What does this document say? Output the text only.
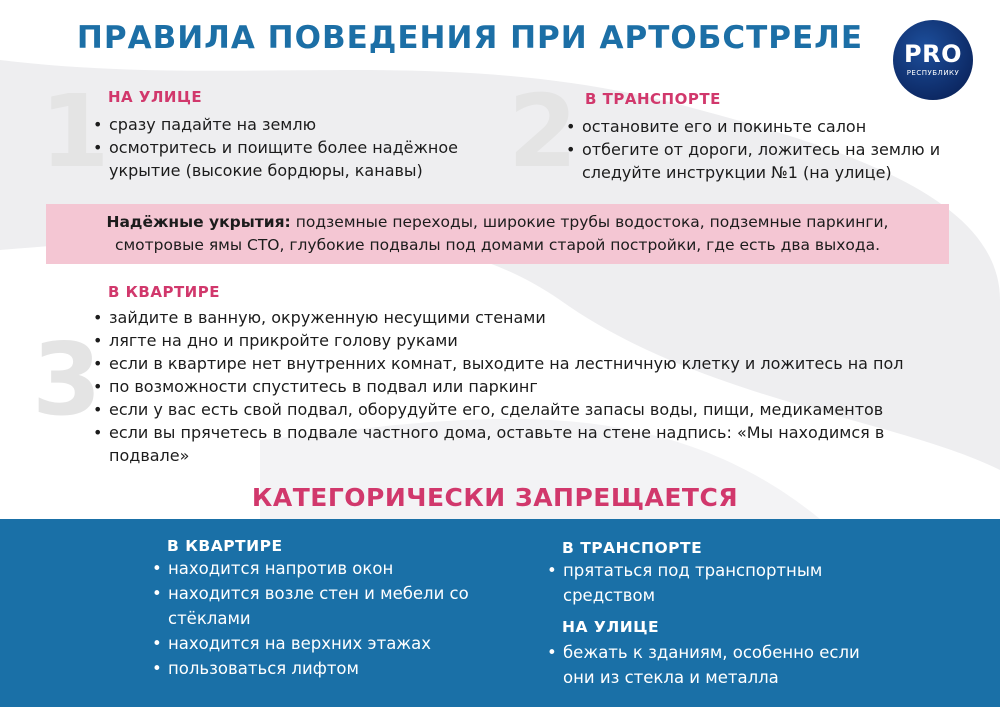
ПРАВИЛА ПОВЕДЕНИЯ ПРИ АРТОБСТРЕЛЕ	PRO
РЕСПУБЛИКУ
1
НА УЛИЦЕ
• сразу падайте на землю
• осмотритесь и поищите более надёжное укрытие (высокие бордюры, канавы) 2 В ТРАНСПОРТЕ
• остановите его и покиньте салон
• отбегите от дороги, ложитесь на землю и следуйте инструкции №1 (на улице)
Надёжные укрытия: подземные переходы, широкие трубы водостока, подземные паркинги, смотровые ямы СТО, глубокие подвалы под домами старой постройки, где есть два выхода.
3
В КВАРТИРЕ
• зайдите в ванную, окруженную несущими стенами
• лягте на дно и прикройте голову руками
• если в квартире нет внутренних комнат, выходите на лестничную клетку и ложитесь на пол
• по возможности спуститесь в подвал или паркинг
• если у вас есть свой подвал, оборудуйте его, сделайте запасы воды, пищи, медикаментов
• если вы прячетесь в подвале частного дома, оставьте на стене надпись: «Мы находимся в подвале»
КАТЕГОРИЧЕСКИ ЗАПРЕЩАЕТСЯ
В КВАРТИРЕ
• находится напротив окон
• находится возле стен и мебели со стёклами
• находится на верхних этажах
• пользоваться лифтом
В ТРАНСПОРТЕ
• прятаться под транспортным средством
НА УЛИЦЕ
• бежать к зданиям, особенно если они из стекла и металла
